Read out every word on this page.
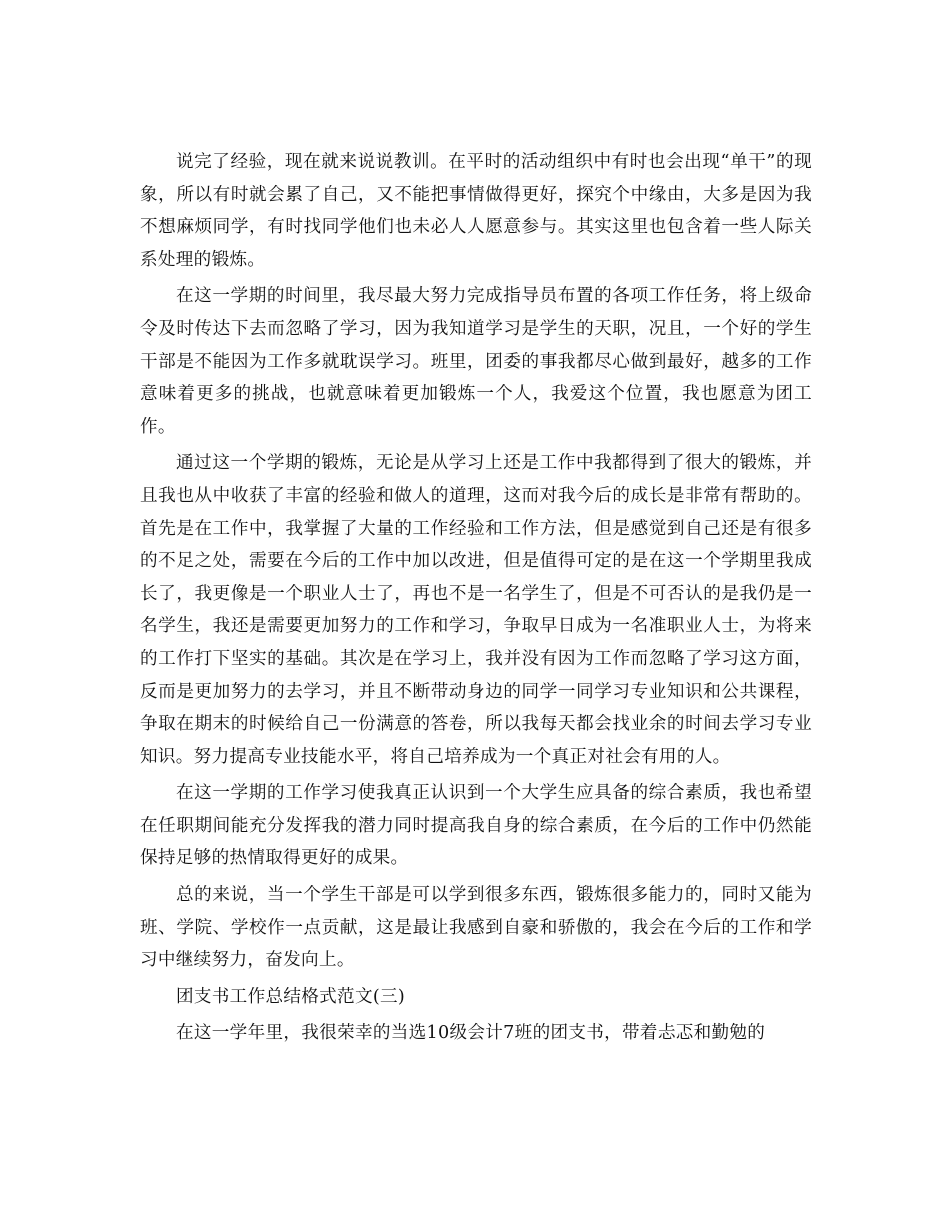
说完了经验，现在就来说说教训。在平时的活动组织中有时也会出现“单干”的现象，所以有时就会累了自己，又不能把事情做得更好，探究个中缘由，大多是因为我不想麻烦同学，有时找同学他们也未必人人愿意参与。其实这里也包含着一些人际关系处理的锻炼。

在这一学期的时间里，我尽最大努力完成指导员布置的各项工作任务，将上级命令及时传达下去而忽略了学习，因为我知道学习是学生的天职，况且，一个好的学生干部是不能因为工作多就耽误学习。班里，团委的事我都尽心做到最好，越多的工作意味着更多的挑战，也就意味着更加锻炼一个人，我爱这个位置，我也愿意为团工作。

通过这一个学期的锻炼，无论是从学习上还是工作中我都得到了很大的锻炼，并且我也从中收获了丰富的经验和做人的道理，这而对我今后的成长是非常有帮助的。首先是在工作中，我掌握了大量的工作经验和工作方法，但是感觉到自己还是有很多的不足之处，需要在今后的工作中加以改进，但是值得可定的是在这一个学期里我成长了，我更像是一个职业人士了，再也不是一名学生了，但是不可否认的是我仍是一名学生，我还是需要更加努力的工作和学习，争取早日成为一名准职业人士，为将来的工作打下坚实的基础。其次是在学习上，我并没有因为工作而忽略了学习这方面，反而是更加努力的去学习，并且不断带动身边的同学一同学习专业知识和公共课程，争取在期末的时候给自己一份满意的答卷，所以我每天都会找业余的时间去学习专业知识。努力提高专业技能水平，将自己培养成为一个真正对社会有用的人。

在这一学期的工作学习使我真正认识到一个大学生应具备的综合素质，我也希望在任职期间能充分发挥我的潜力同时提高我自身的综合素质，在今后的工作中仍然能保持足够的热情取得更好的成果。

总的来说，当一个学生干部是可以学到很多东西，锻炼很多能力的，同时又能为班、学院、学校作一点贡献，这是最让我感到自豪和骄傲的，我会在今后的工作和学习中继续努力，奋发向上。

团支书工作总结格式范文(三)

在这一学年里，我很荣幸的当选10级会计7班的团支书，带着忐忑和勤勉的
